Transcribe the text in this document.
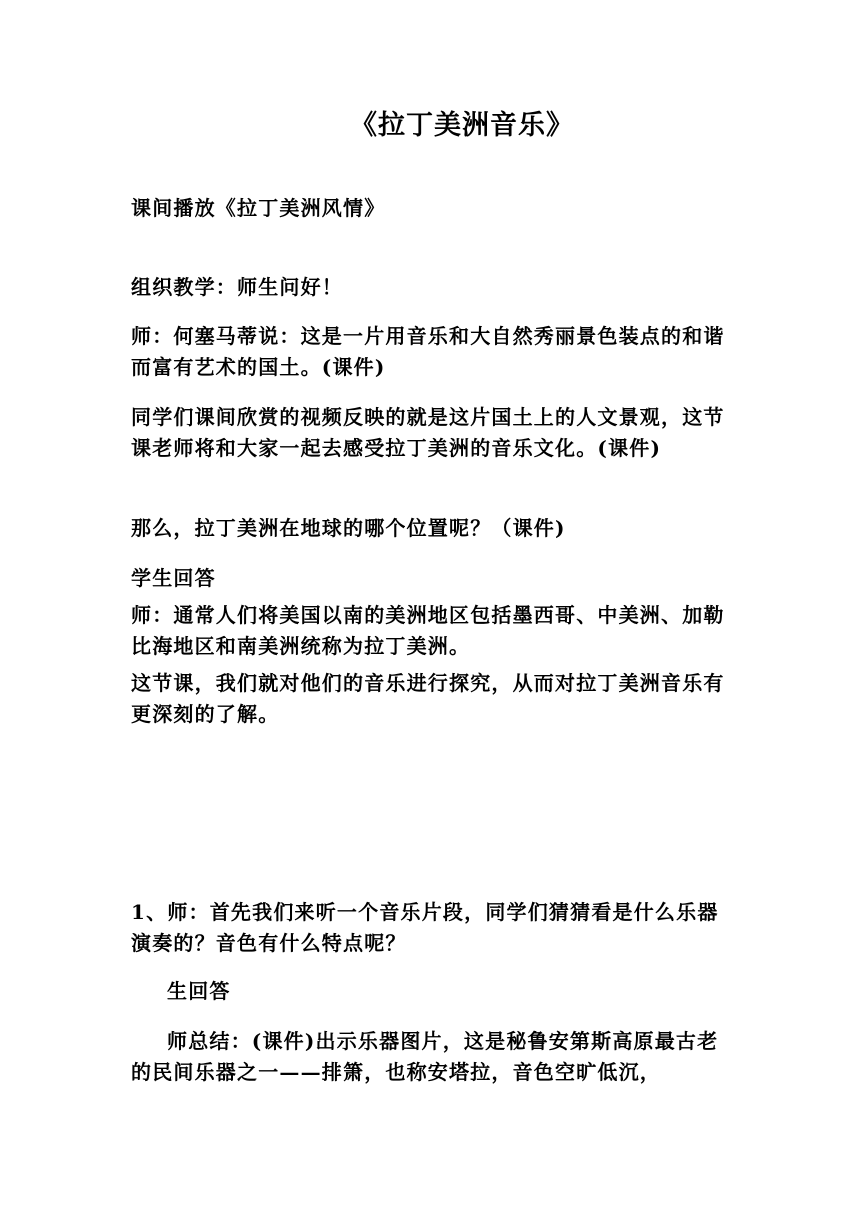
《拉丁美洲音乐》

课间播放《拉丁美洲风情》

组织教学：师生问好！

师：何塞马蒂说：这是一片用音乐和大自然秀丽景色装点的和谐而富有艺术的国土。(课件)

同学们课间欣赏的视频反映的就是这片国土上的人文景观，这节课老师将和大家一起去感受拉丁美洲的音乐文化。(课件)

那么，拉丁美洲在地球的哪个位置呢？（课件)

学生回答

师：通常人们将美国以南的美洲地区包括墨西哥、中美洲、加勒比海地区和南美洲统称为拉丁美洲。

这节课，我们就对他们的音乐进行探究，从而对拉丁美洲音乐有更深刻的了解。

1、师：首先我们来听一个音乐片段，同学们猜猜看是什么乐器演奏的？音色有什么特点呢？

生回答

师总结：(课件)出示乐器图片，这是秘鲁安第斯高原最古老的民间乐器之一——排箫，也称安塔拉，音色空旷低沉，
